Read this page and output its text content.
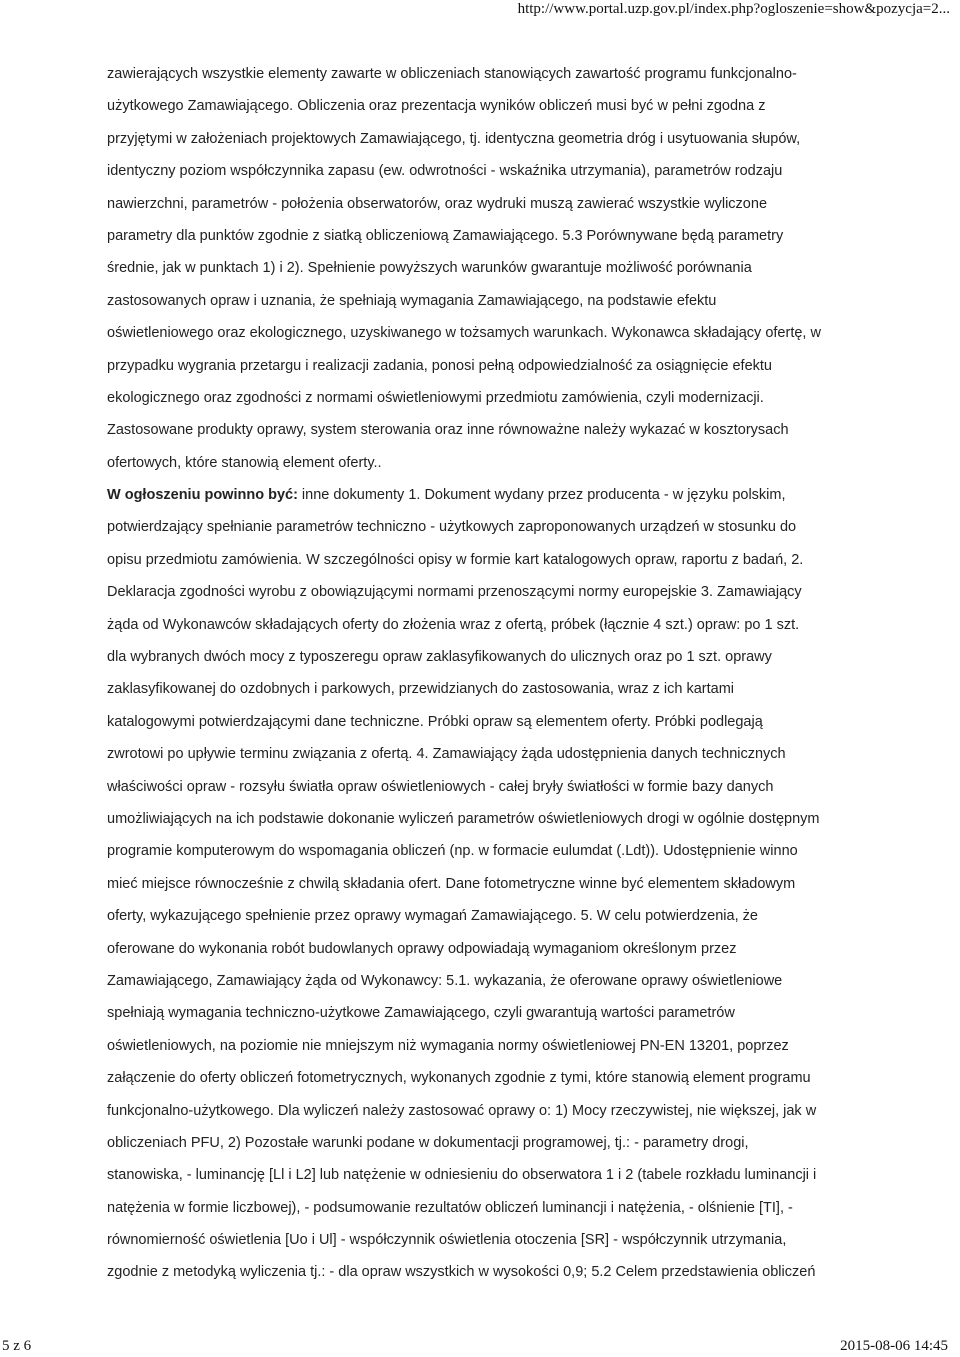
http://www.portal.uzp.gov.pl/index.php?ogloszenie=show&pozycja=2...
zawierających wszystkie elementy zawarte w obliczeniach stanowiących zawartość programu funkcjonalno-
użytkowego Zamawiającego. Obliczenia oraz prezentacja wyników obliczeń musi być w pełni zgodna z
przyjętymi w założeniach projektowych Zamawiającego, tj. identyczna geometria dróg i usytuowania słupów,
identyczny poziom współczynnika zapasu (ew. odwrotności - wskaźnika utrzymania), parametrów rodzaju
nawierzchni, parametrów - położenia obserwatorów, oraz wydruki muszą zawierać wszystkie wyliczone
parametry dla punktów zgodnie z siatką obliczeniową Zamawiającego. 5.3 Porównywane będą parametry
średnie, jak w punktach 1) i 2). Spełnienie powyższych warunków gwarantuje możliwość porównania
zastosowanych opraw i uznania, że spełniają wymagania Zamawiającego, na podstawie efektu
oświetleniowego oraz ekologicznego, uzyskiwanego w tożsamych warunkach. Wykonawca składający ofertę, w
przypadku wygrania przetargu i realizacji zadania, ponosi pełną odpowiedzialność za osiągnięcie efektu
ekologicznego oraz zgodności z normami oświetleniowymi przedmiotu zamówienia, czyli modernizacji.
Zastosowane produkty oprawy, system sterowania oraz inne równoważne należy wykazać w kosztorysach
ofertowych, które stanowią element oferty..
W ogłoszeniu powinno być: inne dokumenty 1. Dokument wydany przez producenta - w języku polskim,
potwierdzający spełnianie parametrów techniczno - użytkowych zaproponowanych urządzeń w stosunku do
opisu przedmiotu zamówienia. W szczególności opisy w formie kart katalogowych opraw, raportu z badań, 2.
Deklaracja zgodności wyrobu z obowiązującymi normami przenoszącymi normy europejskie 3. Zamawiający
żąda od Wykonawców składających oferty do złożenia wraz z ofertą, próbek (łącznie 4 szt.) opraw: po 1 szt.
dla wybranych dwóch mocy z typoszeregu opraw zaklasyfikowanych do ulicznych oraz po 1 szt. oprawy
zaklasyfikowanej do ozdobnych i parkowych, przewidzianych do zastosowania, wraz z ich kartami
katalogowymi potwierdzającymi dane techniczne. Próbki opraw są elementem oferty. Próbki podlegają
zwrotowi po upływie terminu związania z ofertą. 4. Zamawiający żąda udostępnienia danych technicznych
właściwości opraw - rozsyłu światła opraw oświetleniowych - całej bryły światłości w formie bazy danych
umożliwiających na ich podstawie dokonanie wyliczeń parametrów oświetleniowych drogi w ogólnie dostępnym
programie komputerowym do wspomagania obliczeń (np. w formacie eulumdat (.Ldt)). Udostępnienie winno
mieć miejsce równocześnie z chwilą składania ofert. Dane fotometryczne winne być elementem składowym
oferty, wykazującego spełnienie przez oprawy wymagań Zamawiającego. 5. W celu potwierdzenia, że
oferowane do wykonania robót budowlanych oprawy odpowiadają wymaganiom określonym przez
Zamawiającego, Zamawiający żąda od Wykonawcy: 5.1. wykazania, że oferowane oprawy oświetleniowe
spełniają wymagania techniczno-użytkowe Zamawiającego, czyli gwarantują wartości parametrów
oświetleniowych, na poziomie nie mniejszym niż wymagania normy oświetleniowej PN-EN 13201, poprzez
załączenie do oferty obliczeń fotometrycznych, wykonanych zgodnie z tymi, które stanowią element programu
funkcjonalno-użytkowego. Dla wyliczeń należy zastosować oprawy o: 1) Mocy rzeczywistej, nie większej, jak w
obliczeniach PFU, 2) Pozostałe warunki podane w dokumentacji programowej, tj.: - parametry drogi,
stanowiska, - luminancję [Ll i L2] lub natężenie w odniesieniu do obserwatora 1 i 2 (tabele rozkładu luminancji i
natężenia w formie liczbowej), - podsumowanie rezultatów obliczeń luminancji i natężenia, - olśnienie [TI], -
równomierność oświetlenia [Uo i Ul] - współczynnik oświetlenia otoczenia [SR] - współczynnik utrzymania,
zgodnie z metodyką wyliczenia tj.: - dla opraw wszystkich w wysokości 0,9; 5.2 Celem przedstawienia obliczeń
5 z 6	2015-08-06 14:45
